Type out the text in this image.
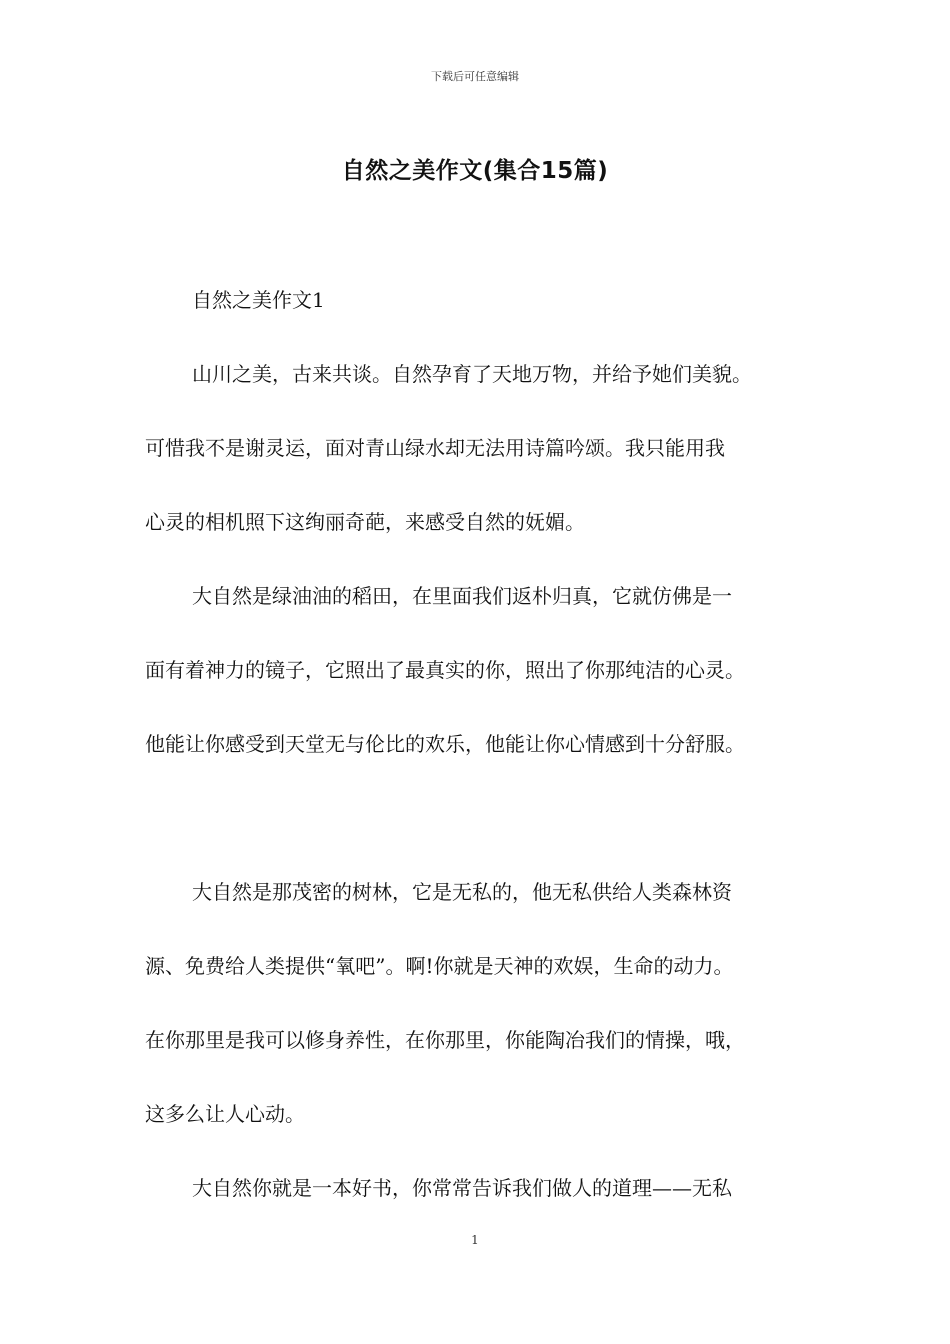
下载后可任意编辑
自然之美作文(集合15篇)
自然之美作文1
山川之美，古来共谈。自然孕育了天地万物，并给予她们美貌。
可惜我不是谢灵运，面对青山绿水却无法用诗篇吟颂。我只能用我
心灵的相机照下这绚丽奇葩，来感受自然的妩媚。
大自然是绿油油的稻田，在里面我们返朴归真，它就仿佛是一
面有着神力的镜子，它照出了最真实的你，照出了你那纯洁的心灵。
他能让你感受到天堂无与伦比的欢乐，他能让你心情感到十分舒服。
大自然是那茂密的树林，它是无私的，他无私供给人类森林资
源、免费给人类提供“氧吧”。啊!你就是天神的欢娱，生命的动力。
在你那里是我可以修身养性，在你那里，你能陶冶我们的情操，哦，
这多么让人心动。
大自然你就是一本好书，你常常告诉我们做人的道理——无私
1
